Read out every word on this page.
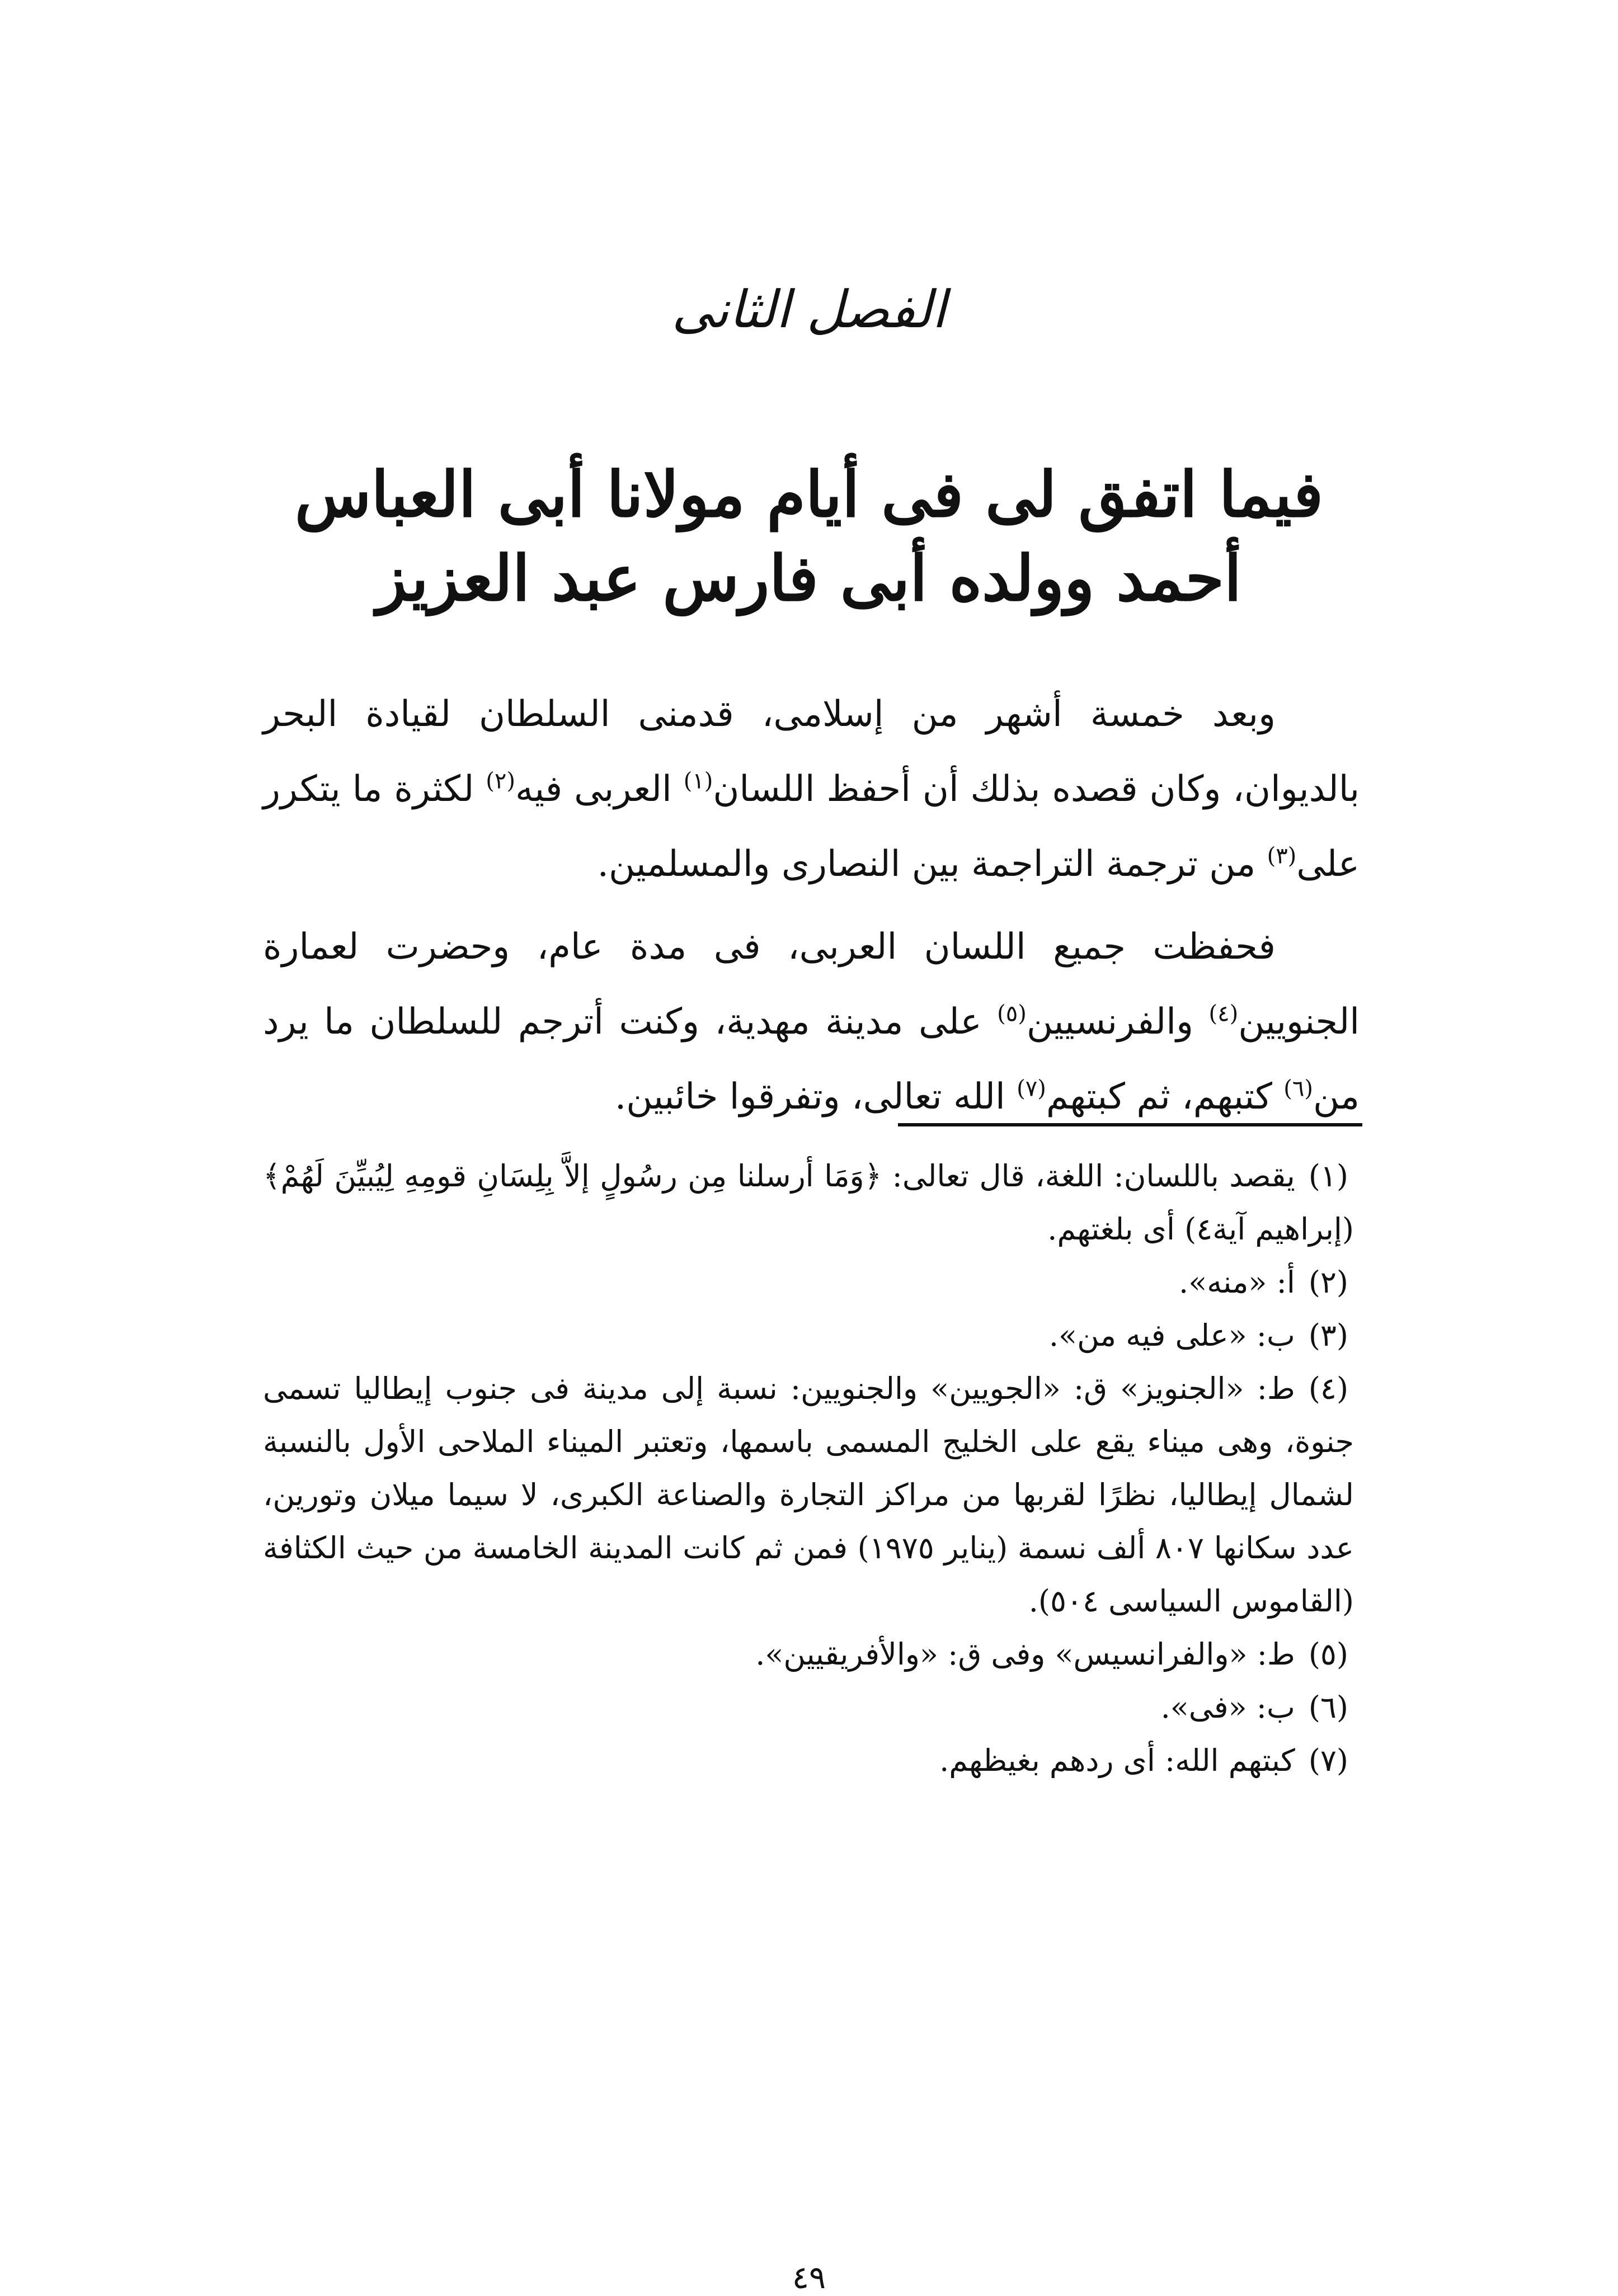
الفصل الثانى
فيما اتفق لى فى أيام مولانا أبى العباس
أحمد وولده أبى فارس عبد العزيز

وبعد خمسة أشهر من إسلامى، قدمنى السلطان لقيادة البحر بالديوان، وكان قصده بذلك أن أحفظ اللسان$^{(١)}$ العربى فيه$^{(٢)}$ لكثرة ما يتكرر على$^{(٣)}$ من ترجمة التراجمة بين النصارى والمسلمين.

فحفظت جميع اللسان العربى، فى مدة عام، وحضرت لعمارة الجنويين$^{(٤)}$ والفرنسيين$^{(٥)}$ على مدينة مهدية، وكنت أترجم للسلطان ما يرد من$^{(٦)}$ كتبهم، ثم كبتهم$^{(٧)}$ الله تعالى، وتفرقوا خائبين.

(١)يقصد باللسان: اللغة، قال تعالى: ﴿وَمَا أرسلنا مِن رسُولٍ إلاَّ بِلِسَانِ قومِهِ لِيُبيِّنَ لَهُمْ﴾ (إبراهيم آية٤) أى بلغتهم.

(٢)أ: «منه».

(٣)ب: «على فيه من».

(٤)ط: «الجنويز» ق: «الجويين» والجنويين: نسبة إلى مدينة فى جنوب إيطاليا تسمى جنوة، وهى ميناء يقع على الخليج المسمى باسمها، وتعتبر الميناء الملاحى الأول بالنسبة لشمال إيطاليا، نظرًا لقربها من مراكز التجارة والصناعة الكبرى، لا سيما ميلان وتورين، عدد سكانها ٨٠٧ ألف نسمة (يناير ١٩٧٥) فمن ثم كانت المدينة الخامسة من حيث الكثافة (القاموس السياسى ٥٠٤).

(٥)ط: «والفرانسيس» وفى ق: «والأفريقيين».

(٦)ب: «فى».

(٧)كبتهم الله: أى ردهم بغيظهم.

٤٩
